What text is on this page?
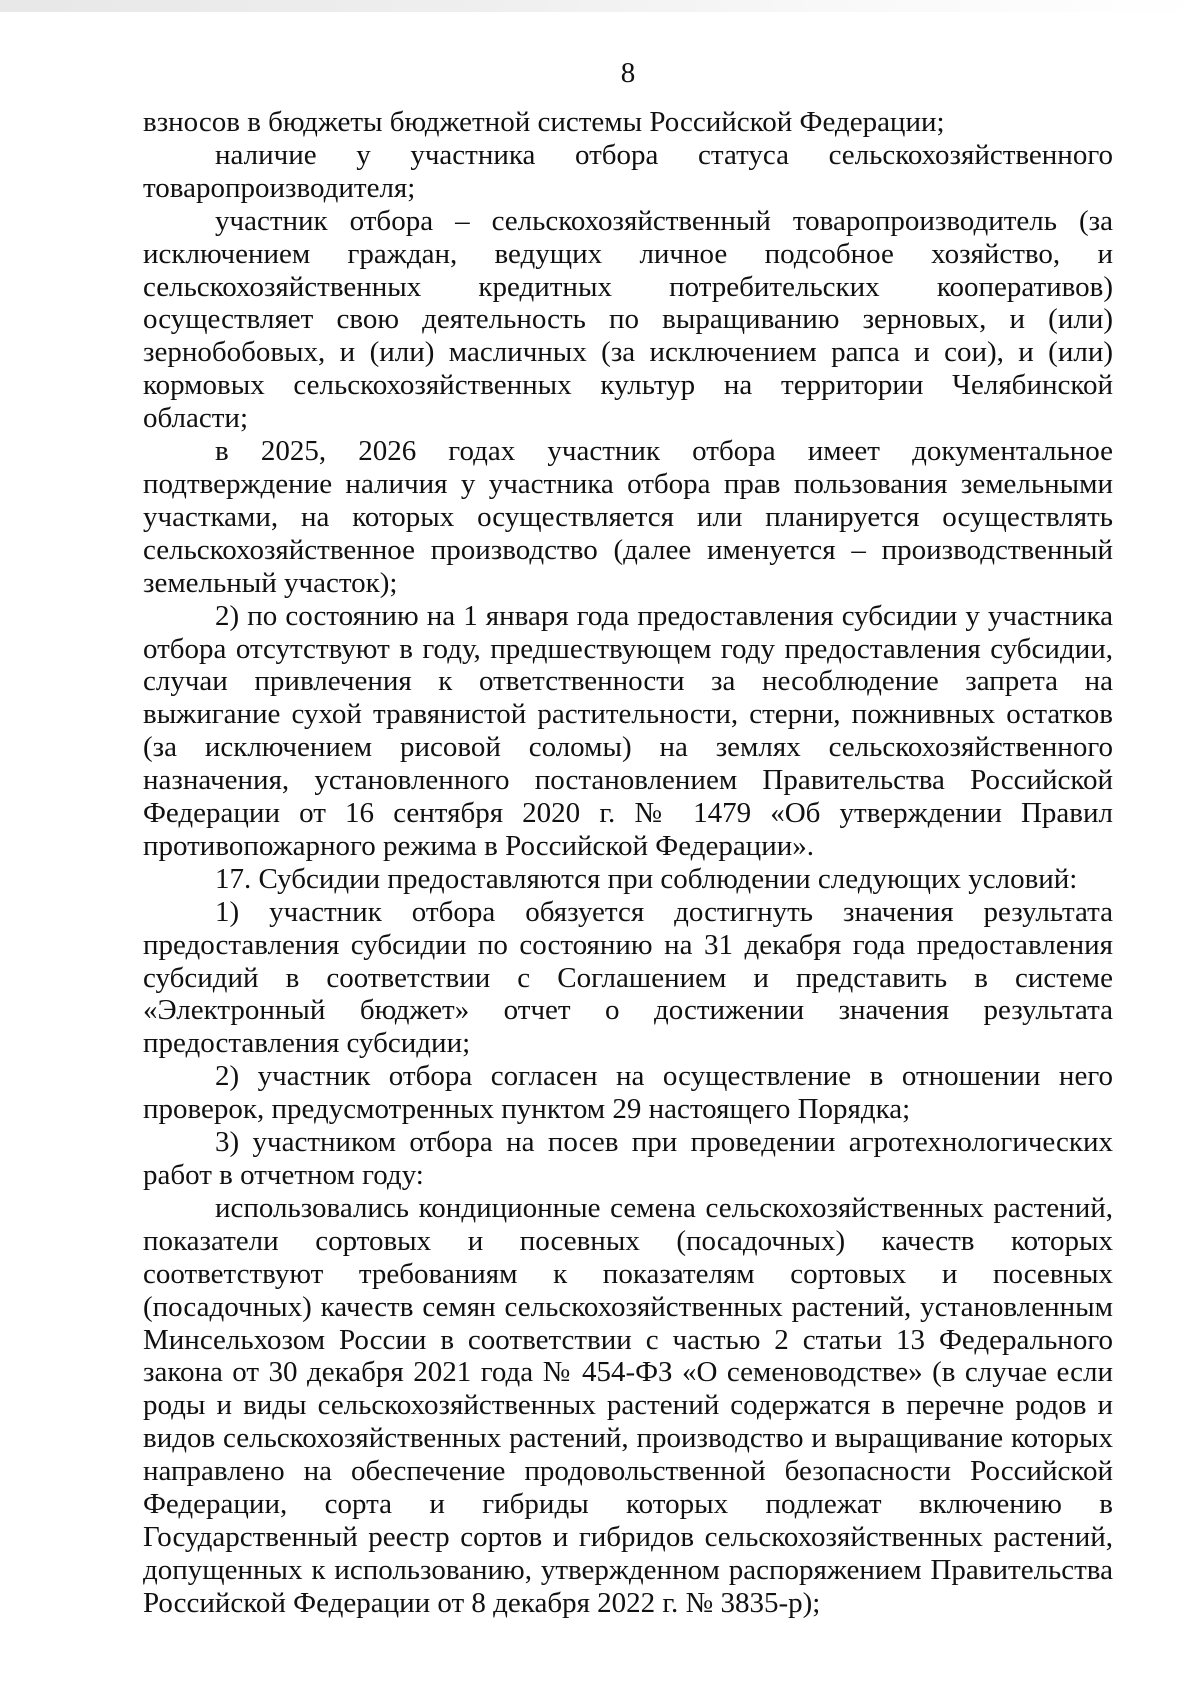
8

взносов в бюджеты бюджетной системы Российской Федерации;

наличие у участника отбора статуса сельскохозяйственного товаропроизводителя;

участник отбора – сельскохозяйственный товаропроизводитель (за исключением граждан, ведущих личное подсобное хозяйство, и сельскохозяйственных кредитных потребительских кооперативов) осуществляет свою деятельность по выращиванию зерновых, и (или) зернобобовых, и (или) масличных (за исключением рапса и сои), и (или) кормовых сельскохозяйственных культур на территории Челябинской области;

в 2025, 2026 годах участник отбора имеет документальное подтверждение наличия у участника отбора прав пользования земельными участками, на которых осуществляется или планируется осуществлять сельскохозяйственное производство (далее именуется – производственный земельный участок);

2) по состоянию на 1 января года предоставления субсидии у участника отбора отсутствуют в году, предшествующем году предоставления субсидии, случаи привлечения к ответственности за несоблюдение запрета на выжигание сухой травянистой растительности, стерни, пожнивных остатков (за исключением рисовой соломы) на землях сельскохозяйственного назначения, установленного постановлением Правительства Российской Федерации от 16 сентября 2020 г. № 1479 «Об утверждении Правил противопожарного режима в Российской Федерации».

17. Субсидии предоставляются при соблюдении следующих условий:

1) участник отбора обязуется достигнуть значения результата предоставления субсидии по состоянию на 31 декабря года предоставления субсидий в соответствии с Соглашением и представить в системе «Электронный бюджет» отчет о достижении значения результата предоставления субсидии;

2) участник отбора согласен на осуществление в отношении него проверок, предусмотренных пунктом 29 настоящего Порядка;

3) участником отбора на посев при проведении агротехнологических работ в отчетном году:

использовались кондиционные семена сельскохозяйственных растений, показатели сортовых и посевных (посадочных) качеств которых соответствуют требованиям к показателям сортовых и посевных (посадочных) качеств семян сельскохозяйственных растений, установленным Минсельхозом России в соответствии с частью 2 статьи 13 Федерального закона от 30 декабря 2021 года № 454-ФЗ «О семеноводстве» (в случае если роды и виды сельскохозяйственных растений содержатся в перечне родов и видов сельскохозяйственных растений, производство и выращивание которых направлено на обеспечение продовольственной безопасности Российской Федерации, сорта и гибриды которых подлежат включению в Государственный реестр сортов и гибридов сельскохозяйственных растений, допущенных к использованию, утвержденном распоряжением Правительства Российской Федерации от 8 декабря 2022 г. № 3835-р);
